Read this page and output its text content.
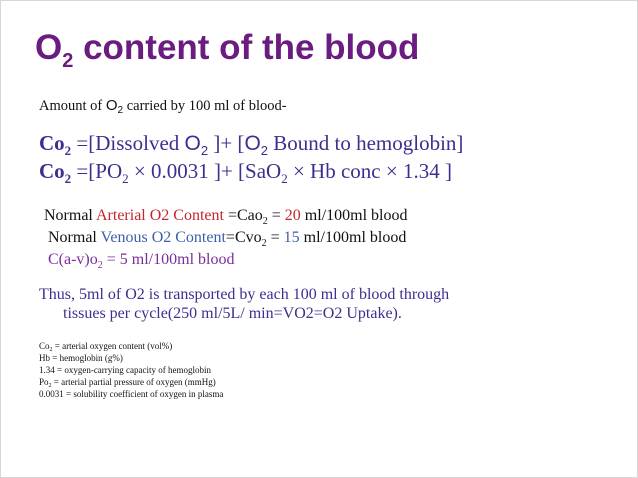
$O_2$ content of the blood

Amount of $O_2$ carried by 100 ml of blood-

$Co_2$ =[Dissolved $O_2$ ]+ [$O_2$ Bound to hemoglobin]

$Co_2 =[PO_2 \times 0.0031$ ]+ [SaO$_2$ × Hb conc × 1.34 ]

Normal Arterial O2 Content =Cao$_2$ = 20 ml/100ml blood

Normal Venous O2 Content=Cvo$_2$ = 15 ml/100ml blood

$C(a-v)o_2 = 5$ ml/100ml blood

Thus, 5ml of O2 is transported by each 100 ml of blood through

tissues per cycle(250 ml/5L/ min=VO2=O2 Uptake).

$Co_2$ = arterial oxygen content (vol%)

Hb = hemoglobin (g%)

1.34 = oxygen-carrying capacity of hemoglobin

$Po_2$ = arterial partial pressure of oxygen (mmHg)

0.0031 = solubility coefficient of oxygen in plasma
